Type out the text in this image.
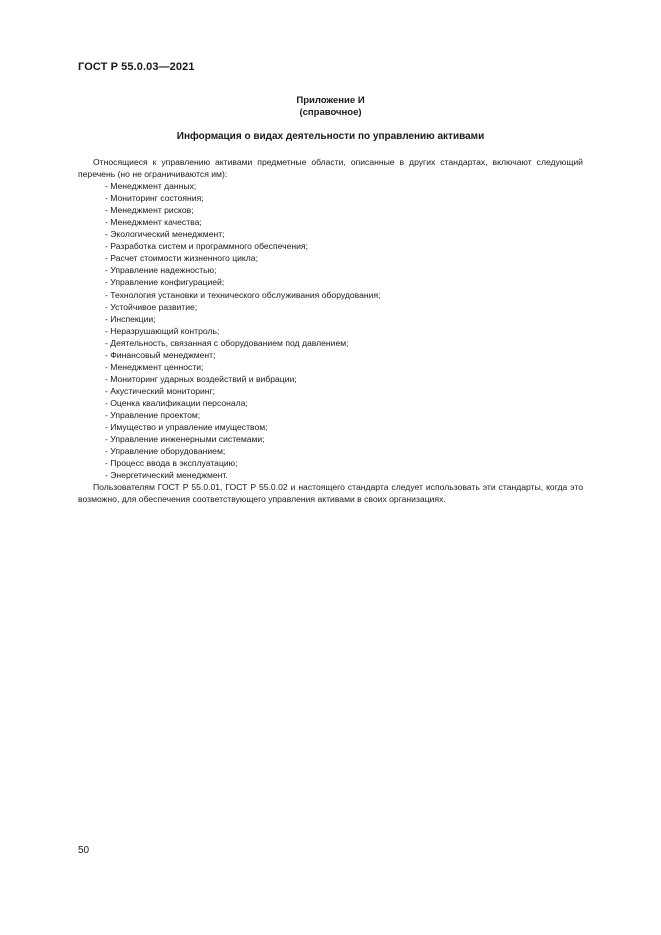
ГОСТ Р 55.0.03—2021
Приложение И
(справочное)
Информация о видах деятельности по управлению активами

Относящиеся к управлению активами предметные области, описанные в других стандартах, включают следующий перечень (но не ограничиваются им):

- Менеджмент данных;
- Мониторинг состояния;
- Менеджмент рисков;
- Менеджмент качества;
- Экологический менеджмент;
- Разработка систем и программного обеспечения;
- Расчет стоимости жизненного цикла;
- Управление надежностью;
- Управление конфигурацией;
- Технология установки и технического обслуживания оборудования;
- Устойчивое развитие;
- Инспекции;
- Неразрушающий контроль;
- Деятельность, связанная с оборудованием под давлением;
- Финансовый менеджмент;
- Менеджмент ценности;
- Мониторинг ударных воздействий и вибрации;
- Акустический мониторинг;
- Оценка квалификации персонала;
- Управление проектом;
- Имущество и управление имуществом;
- Управление инженерными системами;
- Управление оборудованием;
- Процесс ввода в эксплуатацию;
- Энергетический менеджмент.

Пользователям ГОСТ Р 55.0.01, ГОСТ Р 55.0.02 и настоящего стандарта следует использовать эти стандарты, когда это возможно, для обеспечения соответствующего управления активами в своих организациях.

50
